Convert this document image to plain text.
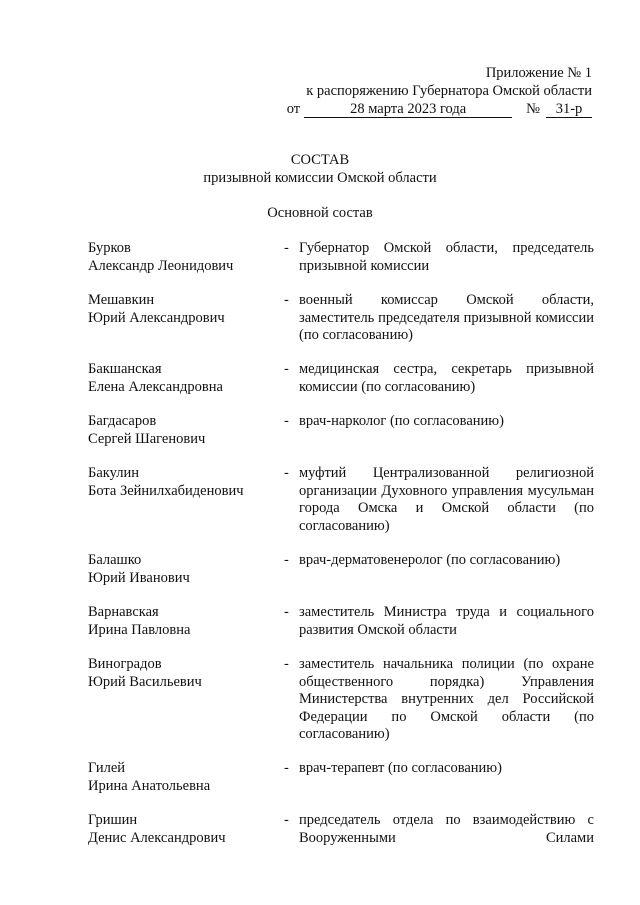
Приложение № 1
к распоряжению Губернатора Омской области
от	28 марта 2023 года	№	31-р
СОСТАВ
призывной комиссии Омской области
Основной состав
Бурков
Александр Леонидович
- Губернатор Омской области, председатель призывной комиссии
Мешавкин
Юрий Александрович
- военный комиссар Омской области, заместитель председателя призывной комиссии (по согласованию)
Бакшанская
Елена Александровна
- медицинская сестра, секретарь призывной комиссии (по согласованию)
Багдасаров
Сергей Шагенович
- врач-нарколог (по согласованию)
Бакулин
Бота Зейнилхабиденович
- муфтий Централизованной религиозной организации Духовного управления мусульман города Омска и Омской области (по согласованию)
Балашко
Юрий Иванович
- врач-дерматовенеролог (по согласованию)
Варнавская
Ирина Павловна
- заместитель Министра труда и социального развития Омской области
Виноградов
Юрий Васильевич
- заместитель начальника полиции (по охране общественного порядка) Управления Министерства внутренних дел Российской Федерации по Омской области (по согласованию)
Гилей
Ирина Анатольевна
- врач-терапевт (по согласованию)
Гришин
Денис Александрович
- председатель отдела по взаимодействию с Вооруженными Силами
